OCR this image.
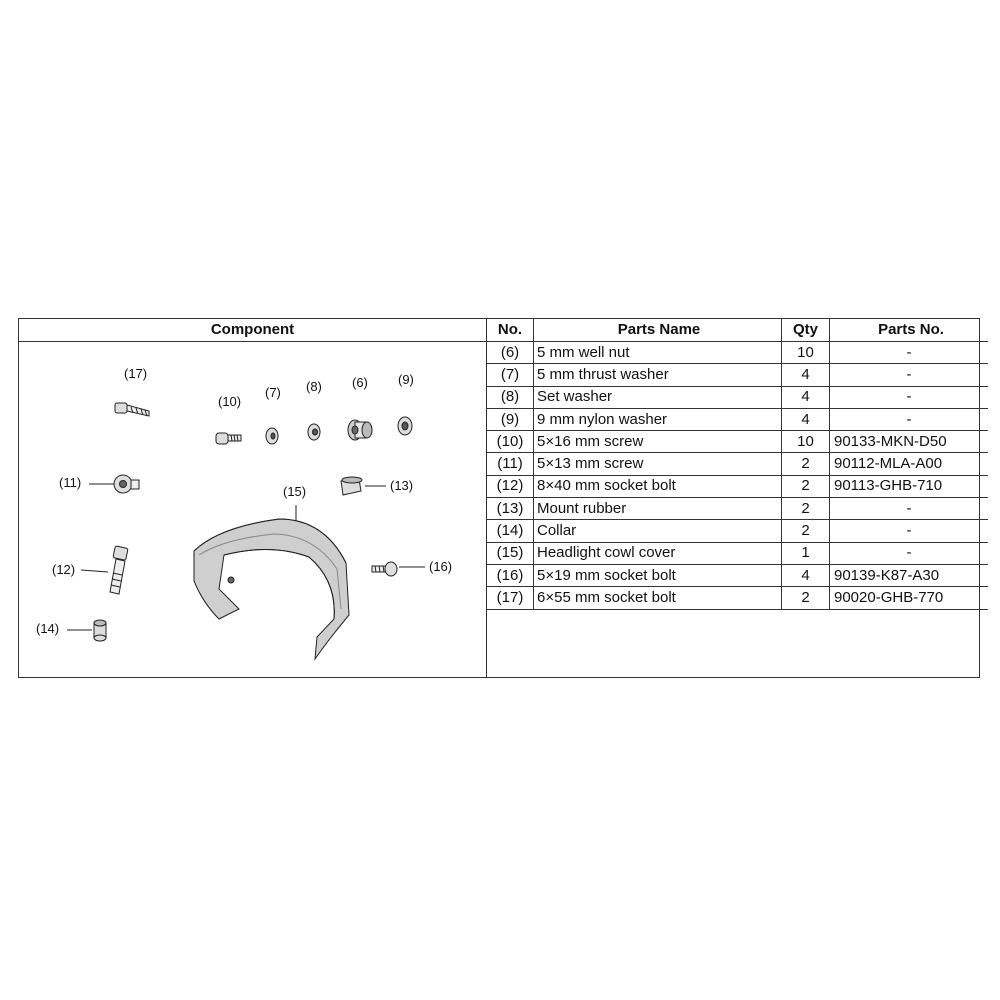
Component
(17)
(10)
(7) (8) (6) (9)
(11)	(13)
(15)
(12)	(16)
(14)
No.	Parts Name	Qty	Parts No.
(6)	5 mm well nut	10	-
(7)	5 mm thrust washer	4	-
(8)	Set washer	4	-
(9)	9 mm nylon washer	4	-
(10)	5×16 mm screw	10	90133-MKN-D50
(11)	5×13 mm screw	2	90112-MLA-A00
(12)	8×40 mm socket bolt	2	90113-GHB-710
(13)	Mount rubber	2	-
(14)	Collar	2	-
(15)	Headlight cowl cover	1	-
(16)	5×19 mm socket bolt	4	90139-K87-A30
(17)	6×55 mm socket bolt	2	90020-GHB-770
